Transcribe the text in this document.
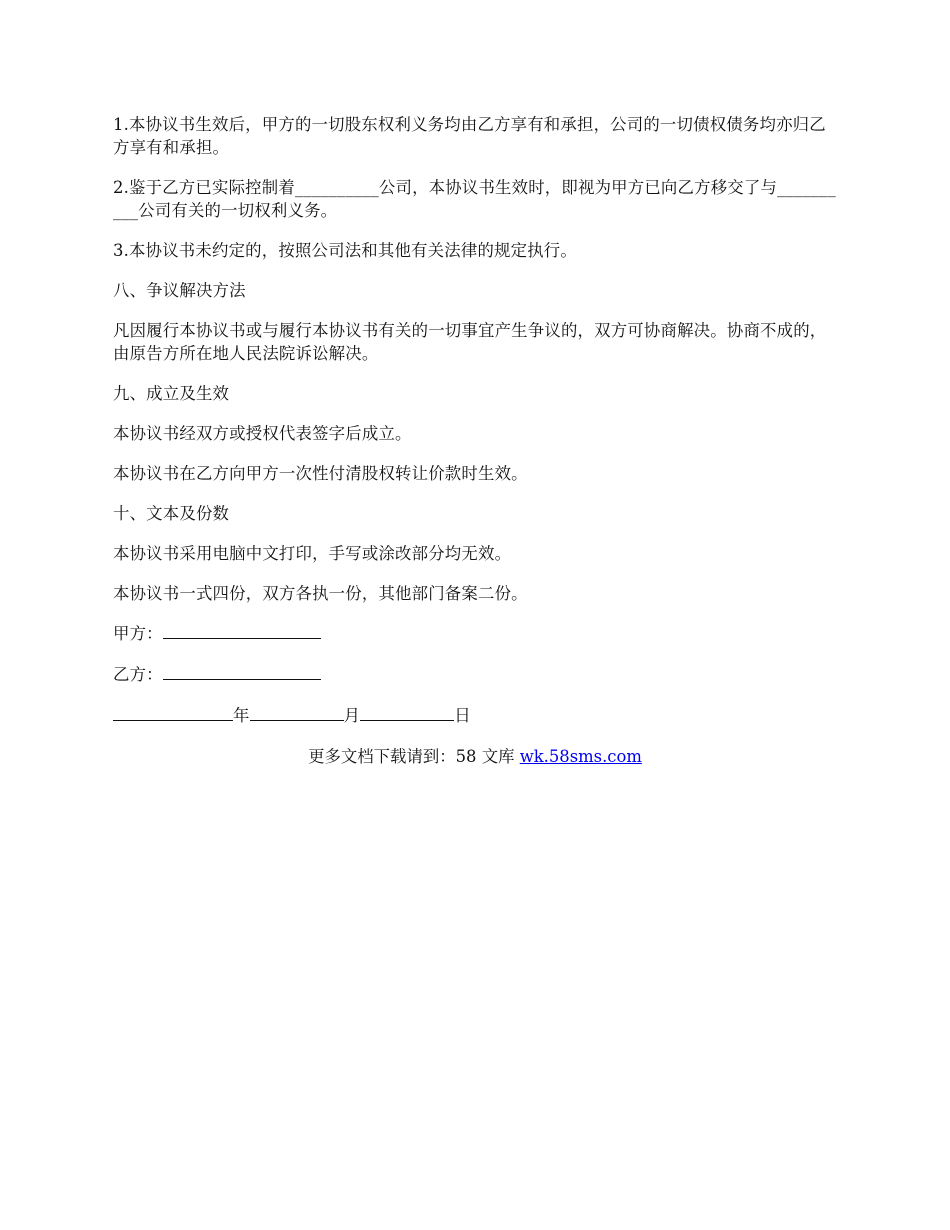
1.本协议书生效后，甲方的一切股东权利义务均由乙方享有和承担，公司的一切债权债务均亦归乙方享有和承担。

2.鉴于乙方已实际控制着__________公司，本协议书生效时，即视为甲方已向乙方移交了与__________公司有关的一切权利义务。

3.本协议书未约定的，按照公司法和其他有关法律的规定执行。

八、争议解决方法

凡因履行本协议书或与履行本协议书有关的一切事宜产生争议的，双方可协商解决。协商不成的，由原告方所在地人民法院诉讼解决。

九、成立及生效

本协议书经双方或授权代表签字后成立。

本协议书在乙方向甲方一次性付清股权转让价款时生效。

十、文本及份数

本协议书采用电脑中文打印，手写或涂改部分均无效。

本协议书一式四份，双方各执一份，其他部门备案二份。

甲方：
乙方：
年	月	日
更多文档下载请到：58 文库 wk.58sms.com
